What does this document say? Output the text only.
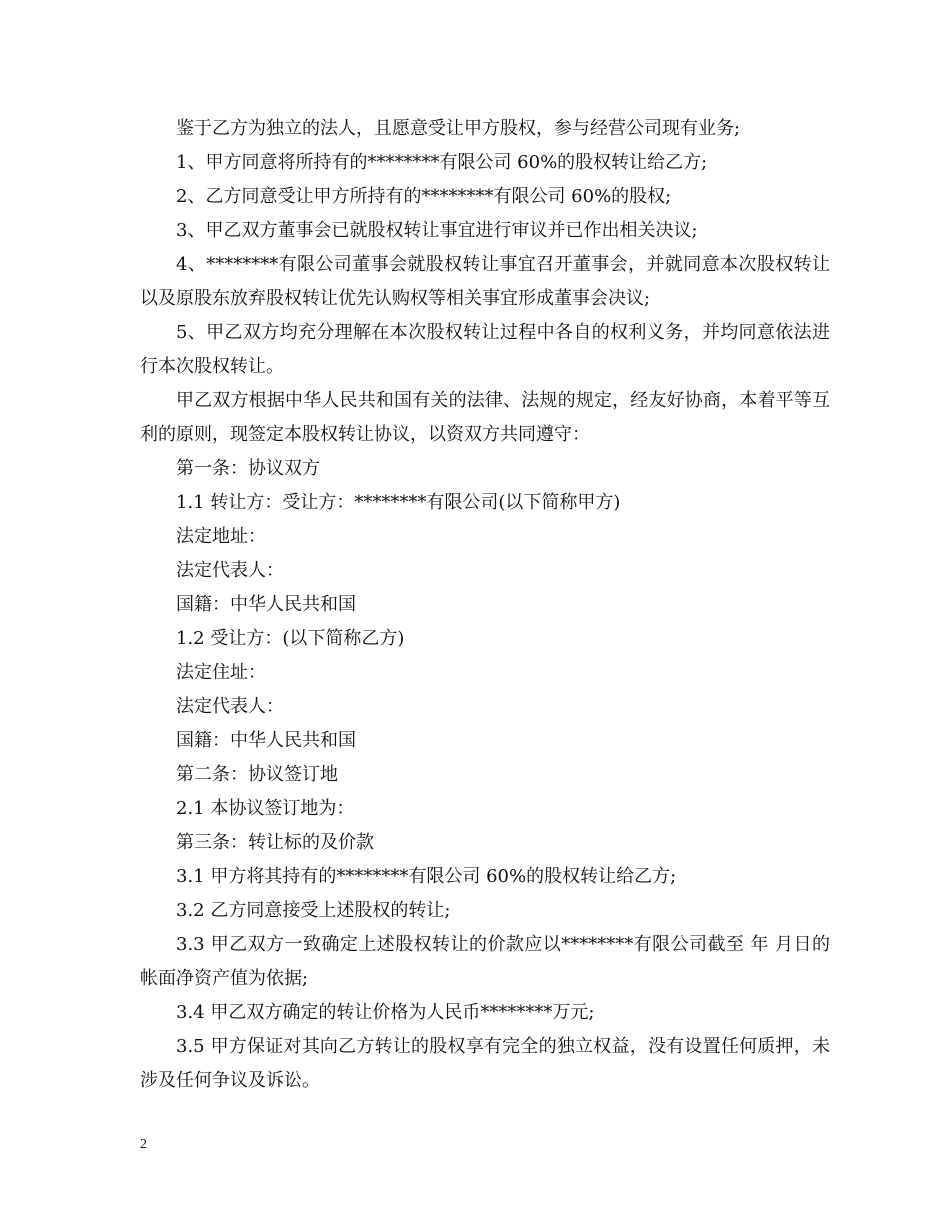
鉴于乙方为独立的法人，且愿意受让甲方股权，参与经营公司现有业务;

1、甲方同意将所持有的********有限公司 60%的股权转让给乙方;

2、乙方同意受让甲方所持有的********有限公司 60%的股权;

3、甲乙双方董事会已就股权转让事宜进行审议并已作出相关决议;

4、********有限公司董事会就股权转让事宜召开董事会，并就同意本次股权转让以及原股东放弃股权转让优先认购权等相关事宜形成董事会决议;

5、甲乙双方均充分理解在本次股权转让过程中各自的权利义务，并均同意依法进行本次股权转让。

甲乙双方根据中华人民共和国有关的法律、法规的规定，经友好协商，本着平等互利的原则，现签定本股权转让协议，以资双方共同遵守：

第一条：协议双方

1.1 转让方：受让方：********有限公司(以下简称甲方)

法定地址：

法定代表人：

国籍：中华人民共和国

1.2 受让方：(以下简称乙方)

法定住址：

法定代表人：

国籍：中华人民共和国

第二条：协议签订地

2.1 本协议签订地为：

第三条：转让标的及价款

3.1 甲方将其持有的********有限公司 60%的股权转让给乙方;

3.2 乙方同意接受上述股权的转让;

3.3 甲乙双方一致确定上述股权转让的价款应以********有限公司截至 年 月日的帐面净资产值为依据;

3.4 甲乙双方确定的转让价格为人民币********万元;

3.5 甲方保证对其向乙方转让的股权享有完全的独立权益，没有设置任何质押，未涉及任何争议及诉讼。

2
